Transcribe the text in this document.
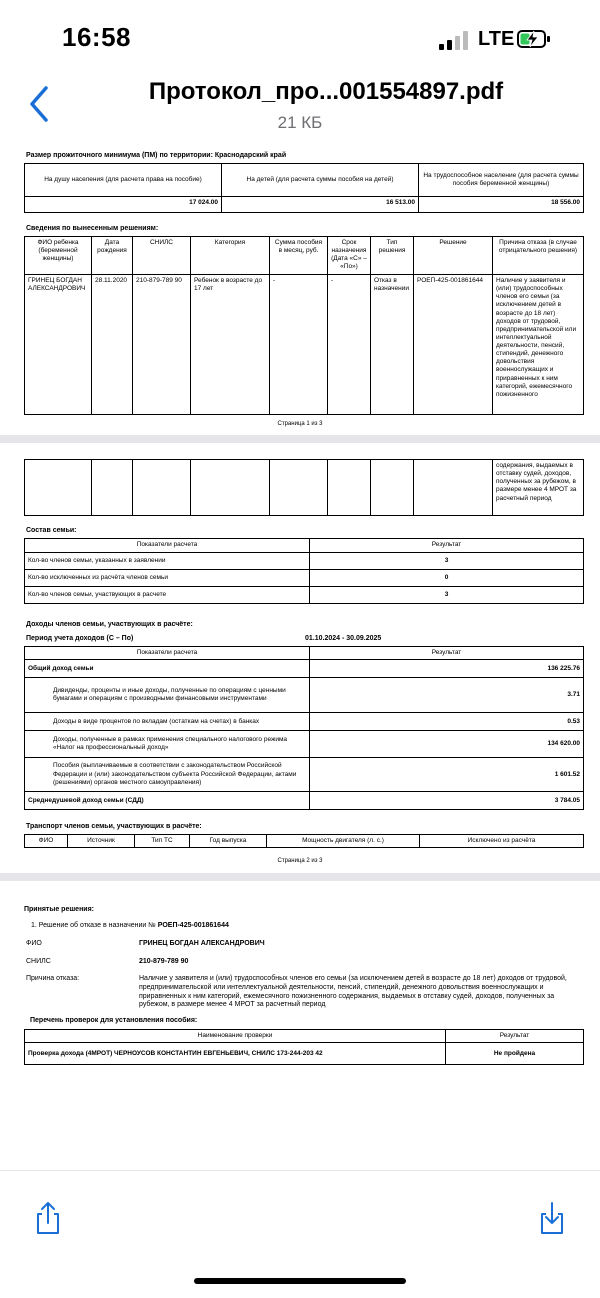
16:58	LTE
Протокол_про...001554897.pdf
21 КБ
Размер прожиточного минимума (ПМ) по территории: Краснодарский край
На душу населения (для расчета права на пособие)	На детей (для расчета суммы пособия на детей)	На трудоспособное население (для расчета суммы пособия беременной женщины)
17 024.00	16 513.00	18 556.00
Сведения по вынесенным решениям:
ФИО ребенка (беременной женщины)	Дата рождения	СНИЛС	Категория	Сумма пособия в месяц, руб.	Срок назначения (Дата «С» – «По»)	Тип решения	Решение	Причина отказа (в случае отрицательного решения)
ГРИНЕЦ БОГДАН АЛЕКСАНДРОВИЧ	28.11.2020	210-879-789 90	Ребенок в возрасте до 17 лет	-	-	Отказ в назначении	РОЕП-425-001861644	Наличие у заявителя и (или) трудоспособных членов его семьи (за исключением детей в возрасте до 18 лет) доходов от трудовой, предпринимательской или интеллектуальной деятельности, пенсий, стипендий, денежного довольствия военнослужащих и приравненных к ним категорий, ежемесячного пожизненного
Страница 1 из 3
								содержания, выдаемых в отставку судей, доходов, полученных за рубежом, в размере менее 4 МРОТ за расчетный период
Состав семьи:
Показатели расчета	Результат
Кол-во членов семьи, указанных в заявлении	3
Кол-во исключенных из расчёта членов семьи	0
Кол-во членов семьи, участвующих в расчете	3
Доходы членов семьи, участвующих в расчёте:
Период учета доходов (С – По)	01.10.2024 - 30.09.2025
Показатели расчета	Результат
Общий доход семьи	136 225.76
Дивиденды, проценты и иные доходы, полученные по операциям с ценными бумагами и операциям с производными финансовыми инструментами	3.71
Доходы в виде процентов по вкладам (остаткам на счетах) в банках	0.53
Доходы, полученные в рамках применения специального налогового режима «Налог на профессиональный доход»	134 620.00
Пособия (выплачиваемые в соответствии с законодательством Российской Федерации и (или) законодательством субъекта Российской Федерации, актами (решениями) органов местного самоуправления)	1 601.52
Среднедушевой доход семьи (СДД)	3 784.05
Транспорт членов семьи, участвующих в расчёте:
ФИО	Источник	Тип ТС	Год выпуска	Мощность двигателя (л. с.)	Исключено из расчёта
Страница 2 из 3
Принятые решения:
1. Решение об отказе в назначении № РОЕП-425-001861644
ФИО	ГРИНЕЦ БОГДАН АЛЕКСАНДРОВИЧ
СНИЛС	210-879-789 90
Причина отказа:	Наличие у заявителя и (или) трудоспособных членов его семьи (за исключением детей в возрасте до 18 лет) доходов от трудовой, предпринимательской или интеллектуальной деятельности, пенсий, стипендий, денежного довольствия военнослужащих и приравненных к ним категорий, ежемесячного пожизненного содержания, выдаемых в отставку судей, доходов, полученных за рубежом, в размере менее 4 МРОТ за расчетный период
Перечень проверок для установления пособия:
Наименование проверки	Результат
Проверка дохода (4МРОТ) ЧЕРНОУСОВ КОНСТАНТИН ЕВГЕНЬЕВИЧ, СНИЛС 173-244-203 42	Не пройдена
